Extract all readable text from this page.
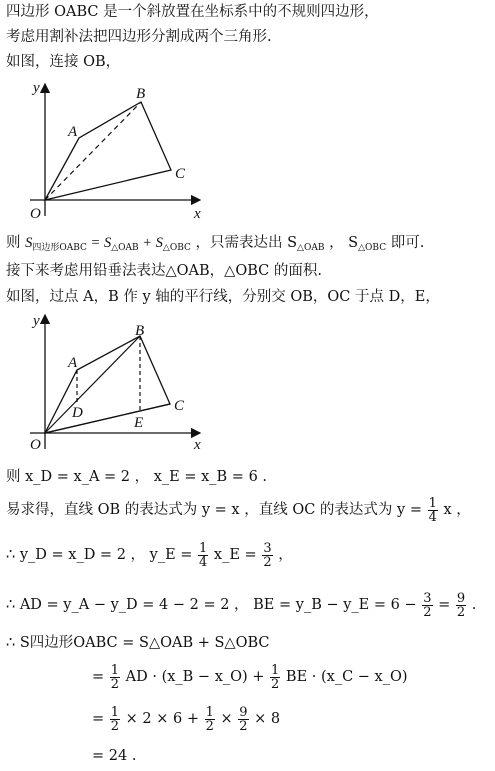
四边形 OABC 是一个斜放置在坐标系中的不规则四边形，
考虑用割补法把四边形分割成两个三角形.
如图，连接 OB，
y
x
O
A
B
C
则 $S_{四边形OABC} = S_{\triangle OAB} + S_{\triangle OBC}$ ，只需表达出 $S_{\triangle OAB}$ ， $S_{\triangle OBC}$ 即可.
接下来考虑用铅垂法表达△OAB，△OBC 的面积.
如图，过点 A，B 作 y 轴的平行线，分别交 OB，OC 于点 D，E，
y
x
O
A
B
C
D
E
则 x_D = x_A = 2 ， x_E = x_B = 6 .
易求得，直线 OB 的表达式为 y = x ，直线 OC 的表达式为 $y = \frac{1}{4}$ x ，
∴ y_D = x_D = 2 ， y_E = $\frac{1}{4}$ x_E = $\frac{3}{2}$ ，
∴ AD = y_A − y_D = 4 − 2 = 2 ， BE = y_B − y_E = $6 - \frac{3}{2} = \frac{9}{2}$ .
∴ S四边形OABC = S△OAB + S△OBC
= $\frac{1}{2}$ AD · (x_B − x_O) + $\frac{1}{2}$ BE · (x_C − x_O)
= $\frac{1}{2} \times 2 \times 6 + \frac{1}{2} \times \frac{9}{2} \times 8$
= 24 .
